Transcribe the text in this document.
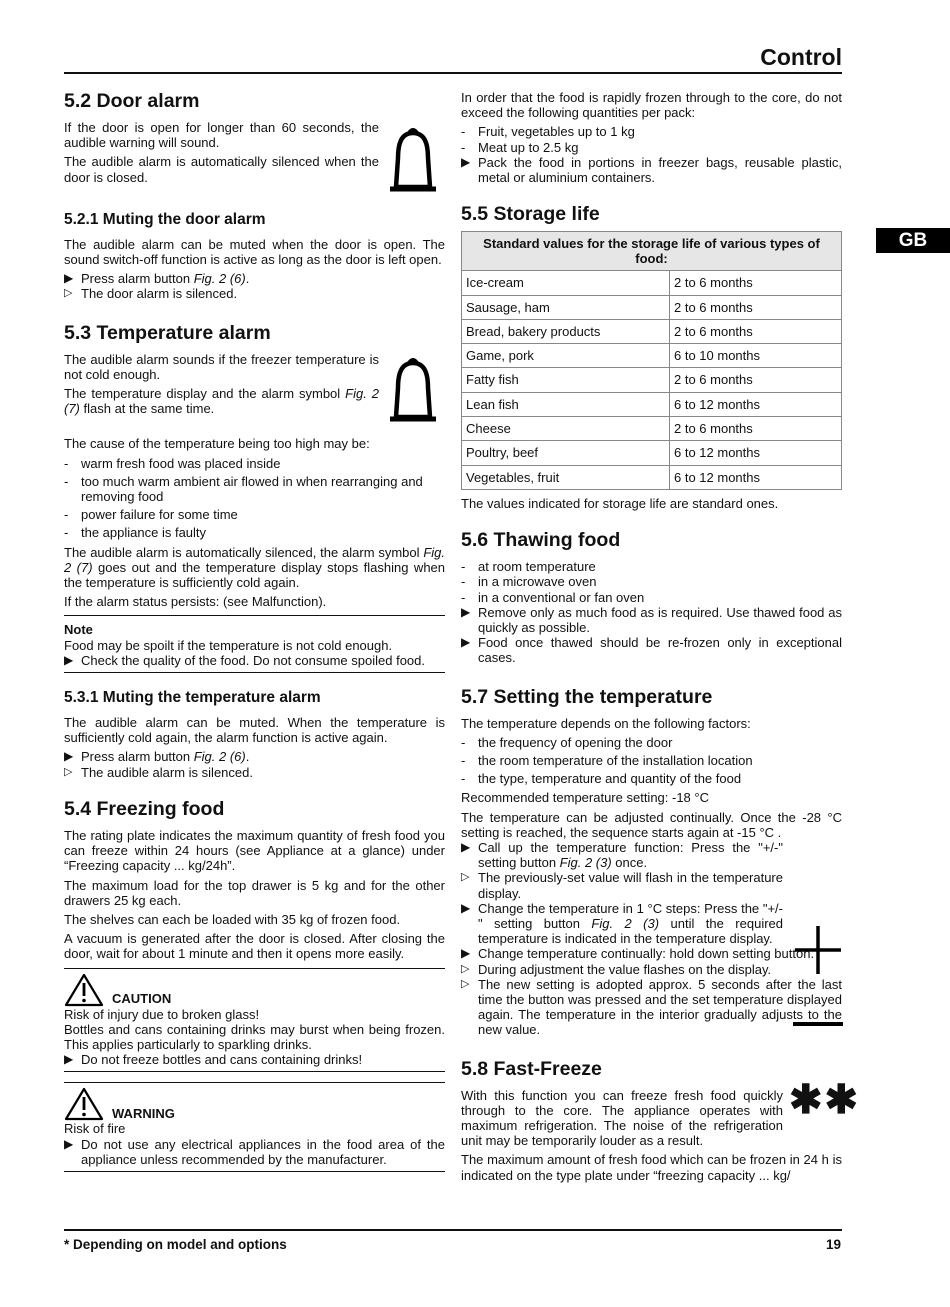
Control
GB
5.2 Door alarm

If the door is open for longer than 60 seconds, the audible warning will sound.

The audible alarm is automatically silenced when the door is closed.

5.2.1 Muting the door alarm

The audible alarm can be muted when the door is open. The sound switch-off function is active as long as the door is left open.

▶ Press alarm button Fig. 2 (6).
▷ The door alarm is silenced.
5.3 Temperature alarm

The audible alarm sounds if the freezer temperature is not cold enough.

The temperature display and the alarm symbol Fig. 2 (7) flash at the same time.

The cause of the temperature being too high may be:

- warm fresh food was placed inside
- too much warm ambient air flowed in when rearranging and removing food
- power failure for some time
- the appliance is faulty

The audible alarm is automatically silenced, the alarm symbol Fig. 2 (7) goes out and the temperature display stops flashing when the temperature is sufficiently cold again.

If the alarm status persists: (see Malfunction).

Note
Food may be spoilt if the temperature is not cold enough.
▶ Check the quality of the food. Do not consume spoiled food.
5.3.1 Muting the temperature alarm

The audible alarm can be muted. When the temperature is sufficiently cold again, the alarm function is active again.

▶ Press alarm button Fig. 2 (6).
▷ The audible alarm is silenced.
5.4 Freezing food

The rating plate indicates the maximum quantity of fresh food you can freeze within 24 hours (see Appliance at a glance) under “Freezing capacity ... kg/24h”.

The maximum load for the top drawer is 5 kg and for the other drawers 25 kg each.

The shelves can each be loaded with 35 kg of frozen food.

A vacuum is generated after the door is closed. After closing the door, wait for about 1 minute and then it opens more easily.

CAUTION
Risk of injury due to broken glass!
Bottles and cans containing drinks may burst when being frozen. This applies particularly to sparkling drinks.
▶ Do not freeze bottles and cans containing drinks!
WARNING
Risk of fire
▶ Do not use any electrical appliances in the food area of the appliance unless recommended by the manufacturer.

In order that the food is rapidly frozen through to the core, do not exceed the following quantities per pack:

- Fruit, vegetables up to 1 kg
- Meat up to 2.5 kg
▶ Pack the food in portions in freezer bags, reusable plastic, metal or aluminium containers.
5.5 Storage life
Standard values for the storage life of various types of food:	
Ice-cream	2 to 6 months
Sausage, ham	2 to 6 months
Bread, bakery products	2 to 6 months
Game, pork	6 to 10 months
Fatty fish	2 to 6 months
Lean fish	6 to 12 months
Cheese	2 to 6 months
Poultry, beef	6 to 12 months
Vegetables, fruit	6 to 12 months

The values indicated for storage life are standard ones.

5.6 Thawing food
- at room temperature
- in a microwave oven
- in a conventional or fan oven
▶ Remove only as much food as is required. Use thawed food as quickly as possible.
▶ Food once thawed should be re-frozen only in exceptional cases.
5.7 Setting the temperature

The temperature depends on the following factors:

- the frequency of opening the door
- the room temperature of the installation location
- the type, temperature and quantity of the food

Recommended temperature setting: -18 °C

The temperature can be adjusted continually. Once the -28 °C setting is reached, the sequence starts again at -15 °C .

▶ Call up the temperature function: Press the "+/-" setting button Fig. 2 (3) once.
▷ The previously-set value will flash in the temperature display.
▶ Change the temperature in 1 °C steps: Press the "+/-" setting button Fig. 2 (3) until the required temperature is indicated in the temperature display.
▶ Change temperature continually: hold down setting button.
▷ During adjustment the value flashes on the display.
▷ The new setting is adopted approx. 5 seconds after the last time the button was pressed and the set temperature displayed again. The temperature in the interior gradually adjusts to the new value.
5.8 Fast-Freeze

With this function you can freeze fresh food quickly through to the core. The appliance operates with maximum refrigeration. The noise of the refrigeration unit may be temporarily louder as a result.

✱✱

The maximum amount of fresh food which can be frozen in 24 h is indicated on the type plate under “freezing capacity ... kg/

* Depending on model and options	19
